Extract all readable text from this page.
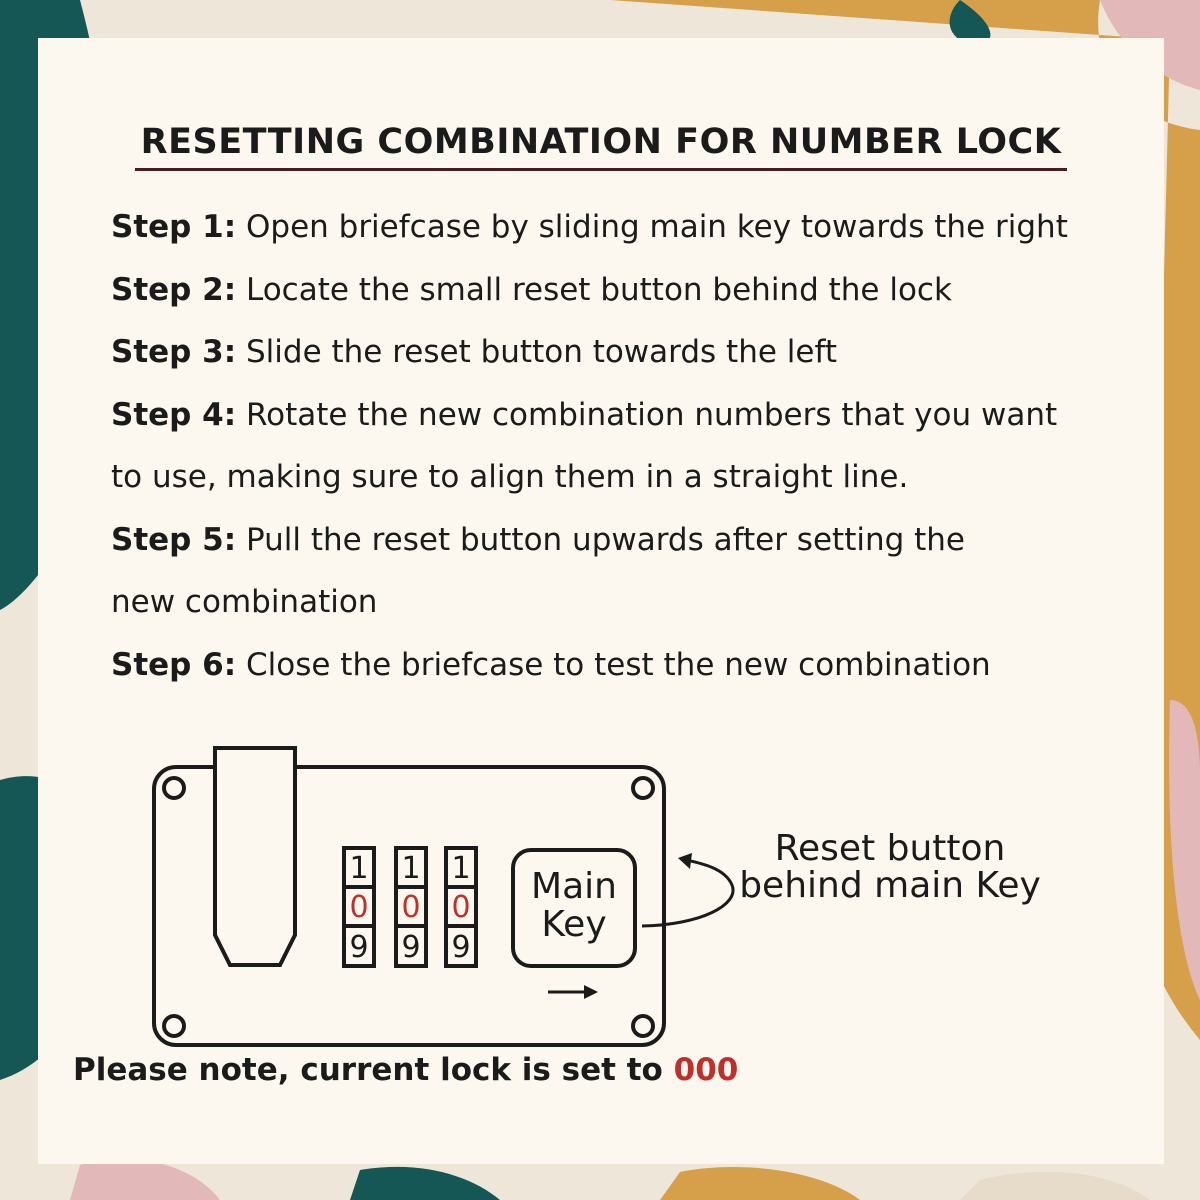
RESETTING COMBINATION FOR NUMBER LOCK
Step 1: Open briefcase by sliding main key towards the right
Step 2: Locate the small reset button behind the lock
Step 3: Slide the reset button towards the left
Step 4: Rotate the new combination numbers that you want
to use, making sure to align them in a straight line.
Step 5: Pull the reset button upwards after setting the
new combination
Step 6: Close the briefcase to test the new combination
1
0
9
1
0
9
1
0
9
Main
Key
Reset button
behind main Key
Please note, current lock is set to 000
